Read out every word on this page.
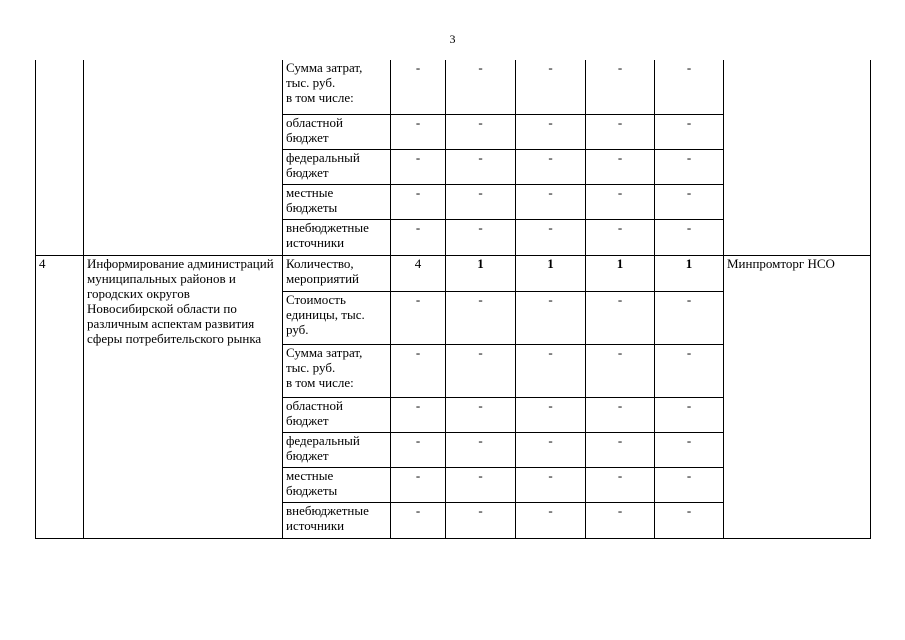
3
		Сумма затрат,
тыс. руб.
в том числе:	-	-	-	-	-	
		областной
бюджет	-	-	-	-	-	
		федеральный
бюджет	-	-	-	-	-	
		местные
бюджеты	-	-	-	-	-	
		внебюджетные
источники	-	-	-	-	-	
4	Информирование администраций муниципальных районов и городских округов Новосибирской области по различным аспектам развития сферы потребительского рынка	Количество,
мероприятий	4	1	1	1	1	Минпромторг НСО
		Стоимость
единицы, тыс.
руб.	-	-	-	-	-	
		Сумма затрат,
тыс. руб.
в том числе:	-	-	-	-	-	
		областной
бюджет	-	-	-	-	-	
		федеральный
бюджет	-	-	-	-	-	
		местные
бюджеты	-	-	-	-	-	
		внебюджетные
источники	-	-	-	-	-	
